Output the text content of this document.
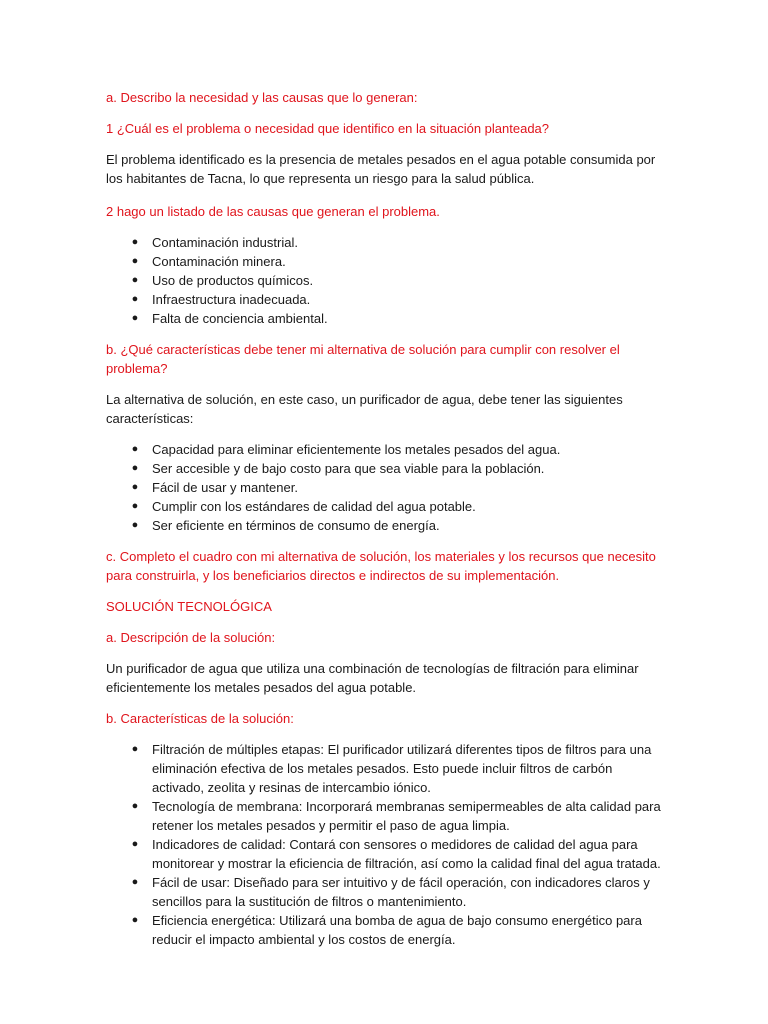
a. Describo la necesidad y las causas que lo generan:

1 ¿Cuál es el problema o necesidad que identifico en la situación planteada?

El problema identificado es la presencia de metales pesados en el agua potable consumida por los habitantes de Tacna, lo que representa un riesgo para la salud pública.

2 hago un listado de las causas que generan el problema.

● Contaminación industrial.
● Contaminación minera.
● Uso de productos químicos.
● Infraestructura inadecuada.
● Falta de conciencia ambiental.

b. ¿Qué características debe tener mi alternativa de solución para cumplir con resolver el problema?

La alternativa de solución, en este caso, un purificador de agua, debe tener las siguientes características:

● Capacidad para eliminar eficientemente los metales pesados del agua.
● Ser accesible y de bajo costo para que sea viable para la población.
● Fácil de usar y mantener.
● Cumplir con los estándares de calidad del agua potable.
● Ser eficiente en términos de consumo de energía.

c. Completo el cuadro con mi alternativa de solución, los materiales y los recursos que necesito para construirla, y los beneficiarios directos e indirectos de su implementación.

SOLUCIÓN TECNOLÓGICA

a. Descripción de la solución:

Un purificador de agua que utiliza una combinación de tecnologías de filtración para eliminar eficientemente los metales pesados del agua potable.

b. Características de la solución:

● Filtración de múltiples etapas: El purificador utilizará diferentes tipos de filtros para una eliminación efectiva de los metales pesados. Esto puede incluir filtros de carbón activado, zeolita y resinas de intercambio iónico.
● Tecnología de membrana: Incorporará membranas semipermeables de alta calidad para retener los metales pesados y permitir el paso de agua limpia.
● Indicadores de calidad: Contará con sensores o medidores de calidad del agua para monitorear y mostrar la eficiencia de filtración, así como la calidad final del agua tratada.
● Fácil de usar: Diseñado para ser intuitivo y de fácil operación, con indicadores claros y sencillos para la sustitución de filtros o mantenimiento.
● Eficiencia energética: Utilizará una bomba de agua de bajo consumo energético para reducir el impacto ambiental y los costos de energía.
